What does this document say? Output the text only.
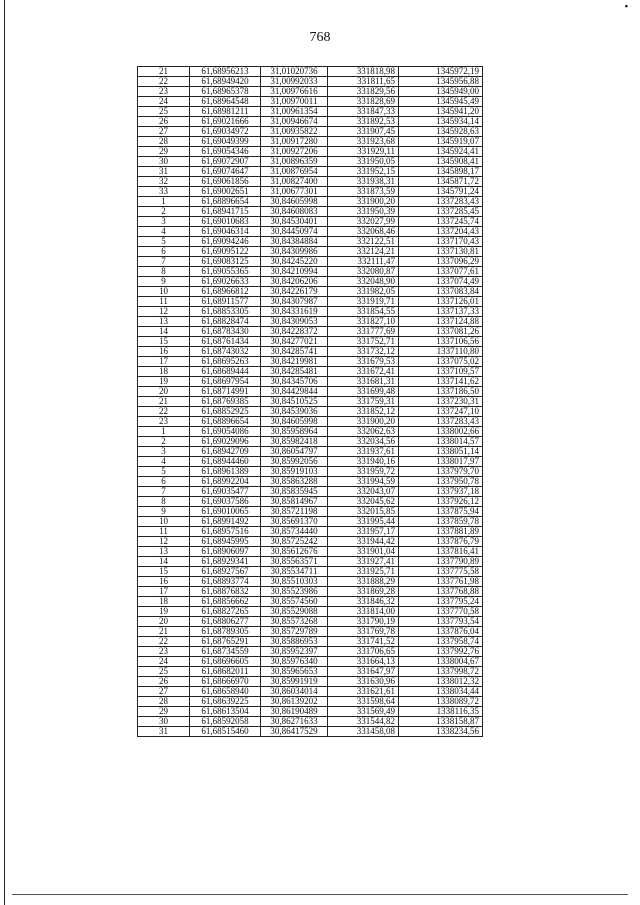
▪
768
21	61,68956213	31,01020736	331818,98	1345972,19
22	61,68949420	31,00992033	331811,65	1345956,88
23	61,68965378	31,00976616	331829,56	1345949,00
24	61,68964548	31,00970011	331828,69	1345945,49
25	61,68981211	31,00961354	331847,33	1345941,20
26	61,69021666	31,00946674	331892,53	1345934,14
27	61,69034972	31,00935822	331907,45	1345928,63
28	61,69049399	31,00917280	331923,68	1345919,07
29	61,69054346	31,00927206	331929,11	1345924,41
30	61,69072907	31,00896359	331950,05	1345908,41
31	61,69074647	31,00876954	331952,15	1345898,17
32	61,69061856	31,00827400	331938,31	1345871,72
33	61,69002651	31,00677301	331873,59	1345791,24
1	61,68896654	30,84605998	331900,20	1337283,43
2	61,68941715	30,84608083	331950,39	1337285,45
3	61,69010683	30,84530401	332027,99	1337245,74
4	61,69046314	30,84450974	332068,46	1337204,43
5	61,69094246	30,84384884	332122,51	1337170,43
6	61,69095122	30,84309986	332124,21	1337130,81
7	61,69083125	30,84245220	332111,47	1337096,29
8	61,69055365	30,84210994	332080,87	1337077,61
9	61,69026633	30,84206206	332048,90	1337074,49
10	61,68966812	30,84226179	331982,05	1337083,84
11	61,68911577	30,84307987	331919,71	1337126,01
12	61,68853305	30,84331619	331854,55	1337137,33
13	61,68828474	30,84309053	331827,10	1337124,88
14	61,68783430	30,84228372	331777,69	1337081,26
15	61,68761434	30,84277021	331752,71	1337106,56
16	61,68743032	30,84285741	331732,12	1337110,80
17	61,68695263	30,84219981	331679,53	1337075,02
18	61,68689444	30,84285481	331672,41	1337109,57
19	61,68697954	30,84345706	331681,31	1337141,62
20	61,68714991	30,84429844	331699,48	1337186,50
21	61,68769385	30,84510525	331759,31	1337230,31
22	61,68852925	30,84539036	331852,12	1337247,10
23	61,68896654	30,84605998	331900,20	1337283,43
1	61,69054086	30,85958964	332062,63	1338002,66
2	61,69029096	30,85982418	332034,56	1338014,57
3	61,68942709	30,86054797	331937,61	1338051,14
4	61,68944460	30,85992056	331940,16	1338017,97
5	61,68961389	30,85919103	331959,72	1337979,70
6	61,68992204	30,85863288	331994,59	1337950,78
7	61,69035477	30,85835945	332043,07	1337937,18
8	61,69037586	30,85814967	332045,62	1337926,12
9	61,69010065	30,85721198	332015,85	1337875,94
10	61,68991492	30,85691370	331995,44	1337859,78
11	61,68957516	30,85734440	331957,17	1337881,89
12	61,68945995	30,85725242	331944,42	1337876,79
13	61,68906097	30,85612676	331901,04	1337816,41
14	61,68929341	30,85563571	331927,41	1337790,89
15	61,68927567	30,85534711	331925,71	1337775,58
16	61,68893774	30,85510303	331888,29	1337761,98
17	61,68876832	30,85523986	331869,28	1337768,88
18	61,68856662	30,85574560	331846,32	1337795,24
19	61,68827265	30,85529088	331814,00	1337770,58
20	61,68806277	30,85573268	331790,19	1337793,54
21	61,68789305	30,85729789	331769,78	1337876,04
22	61,68765291	30,85886953	331741,52	1337958,74
23	61,68734559	30,85952397	331706,65	1337992,76
24	61,68696605	30,85976340	331664,13	1338004,67
25	61,68682011	30,85965653	331647,97	1337998,72
26	61,68666970	30,85991919	331630,96	1338012,32
27	61,68658940	30,86034014	331621,61	1338034,44
28	61,68639225	30,86139202	331598,64	1338089,72
29	61,68613504	30,86190489	331569,49	1338116,35
30	61,68592058	30,86271633	331544,82	1338158,87
31	61,68515460	30,86417529	331458,08	1338234,56
